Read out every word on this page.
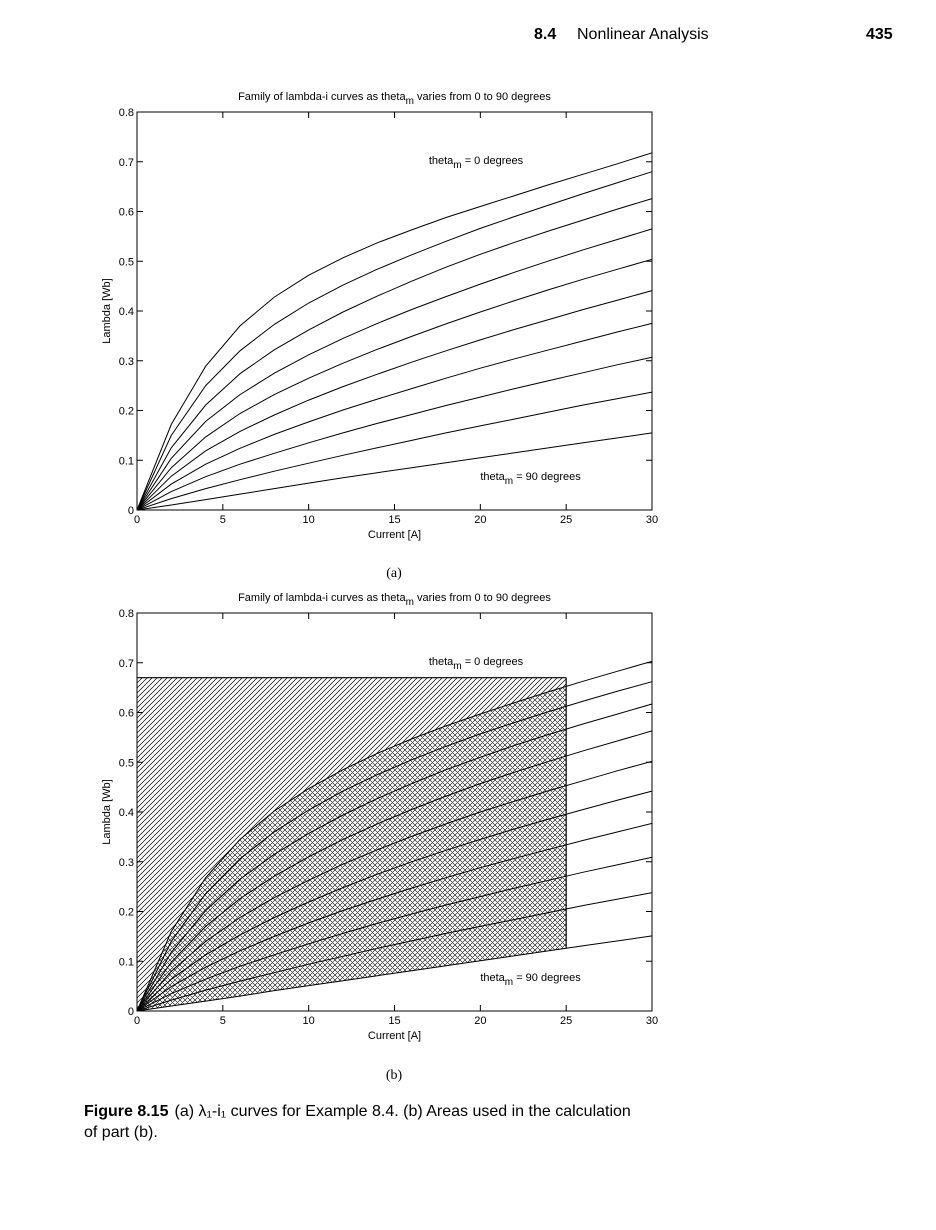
8.4 Nonlinear Analysis	435
0	5	10	15	20	25	30
0
0.1
0.2
0.3
0.4
0.5
0.6
0.7
0.8
Family of lambda-i curves as thetam varies from 0 to 90 degrees
Current [A]
Lambda [Wb]
thetam = 0 degrees
thetam = 90 degrees
(a)
0	5	10	15	20	25	30
0
0.1
0.2
0.3
0.4
0.5
0.6
0.7
0.8
Family of lambda-i curves as thetam varies from 0 to 90 degrees
Current [A]
Lambda [Wb]
thetam = 0 degrees
thetam = 90 degrees
(b)
Figure 8.15 (a) λ₁-i₁ curves for Example 8.4. (b) Areas used in the calculation of part (b).
